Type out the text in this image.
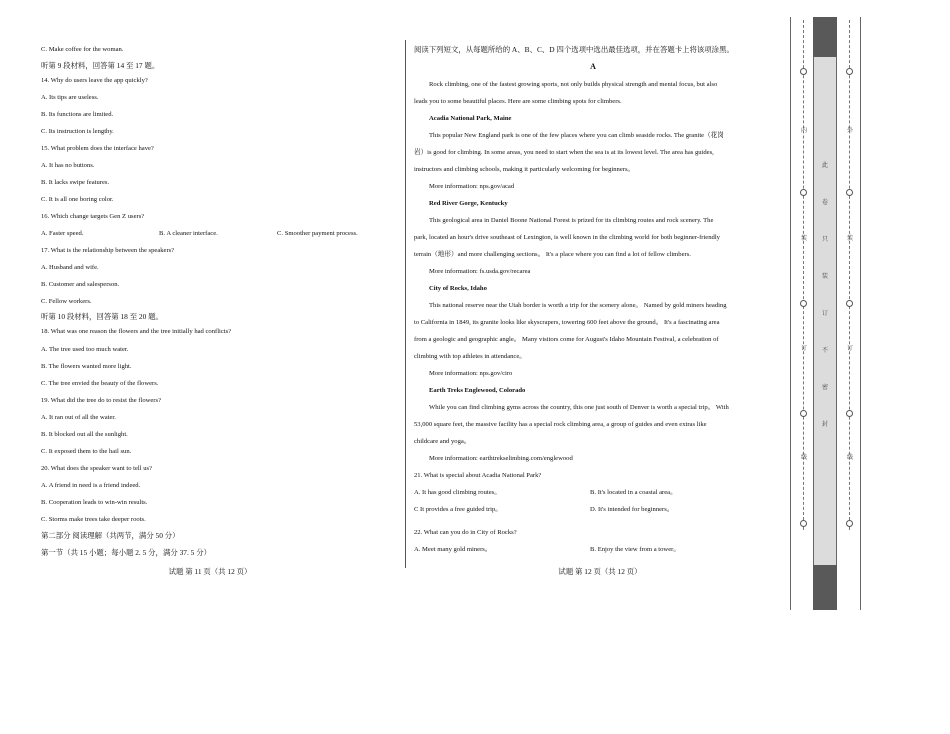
C. Make coffee for the woman.
听第 9 段材料，回答第 14 至 17 题。
14. Why do users leave the app quickly?
A. Its tips are useless.
B. Its functions are limited.
C. Its instruction is lengthy.
15. What problem does the interface have?
A. It has no buttons.
B. It lacks swipe features.
C. It is all one boring color.
16. Which change targets Gen Z users?
A. Faster speed.	B. A cleaner interface.	C. Smoother payment process.
17. What is the relationship between the speakers?
A. Husband and wife.
B. Customer and salesperson.
C. Fellow workers.
听第 10 段材料，回答第 18 至 20 题。
18. What was one reason the flowers and the tree initially had conflicts?
A. The tree used too much water.
B. The flowers wanted more light.
C. The tree envied the beauty of the flowers.
19. What did the tree do to resist the flowers?
A. It ran out of all the water.
B. It blocked out all the sunlight.
C. It exposed them to the hail sun.
20. What does the speaker want to tell us?
A. A friend in need is a friend indeed.
B. Cooperation leads to win-win results.
C. Storms make trees take deeper roots.
第二部分 阅读理解（共两节，满分 50 分）
第一节（共 15 小题；每小题 2. 5 分，满分 37. 5 分）
试题 第 11 页（共 12 页）
阅读下列短文，从每题所给的 A、B、C、D 四个选项中选出最佳选项，并在答题卡上将该项涂黑。
A
Rock climbing, one of the fastest growing sports, not only builds physical strength and mental focus, but also
leads you to some beautiful places. Here are some climbing spots for climbers.
Acadia National Park, Maine
This popular New England park is one of the few places where you can climb seaside rocks. The granite（花岗
岩）is good for climbing. In some areas, you need to start when the sea is at its lowest level. The area has guides,
instructors and climbing schools, making it particularly welcoming for beginners。
More information: nps.gov/acad
Red River Gorge, Kentucky
This geological area in Daniel Boone National Forest is prized for its climbing routes and rock scenery. The
park, located an hour's drive southeast of Lexington, is well known in the climbing world for both beginner-friendly
terrain（地形）and more challenging sections。 It's a place where you can find a lot of fellow climbers.
More information: fs.usda.gov/recarea
City of Rocks, Idaho
This national reserve near the Utah border is worth a trip for the scenery alone。 Named by gold miners heading
to California in 1849, its granite looks like skyscrapers, towering 600 feet above the ground。 It's a fascinating area
from a geologic and geographic angle。 Many visitors come for August's Idaho Mountain Festival, a celebration of
climbing with top athletes in attendance。
More information: nps.gov/ciro
Earth Treks Englewood, Colorado
While you can find climbing gyms across the country, this one just south of Denver is worth a special trip。 With
53,000 square feet, the massive facility has a special rock climbing area, a group of guides and even extras like
childcare and yoga。
More information: earthtrekselimbing.com/englewood
21. What is special about Acadia National Park?
A. It has good climbing routes。	B. It's located in a coastal area。
C It provides a free guided trip。	D. It's intended for beginners。
22. What can you do in City of Rocks?
A. Meet many gold miners。	B. Enjoy the view from a tower。
试题 第 12 页（共 12 页）
内
装
订
线
此
卷
只
装
订
不
密
封
外
装
订
线
